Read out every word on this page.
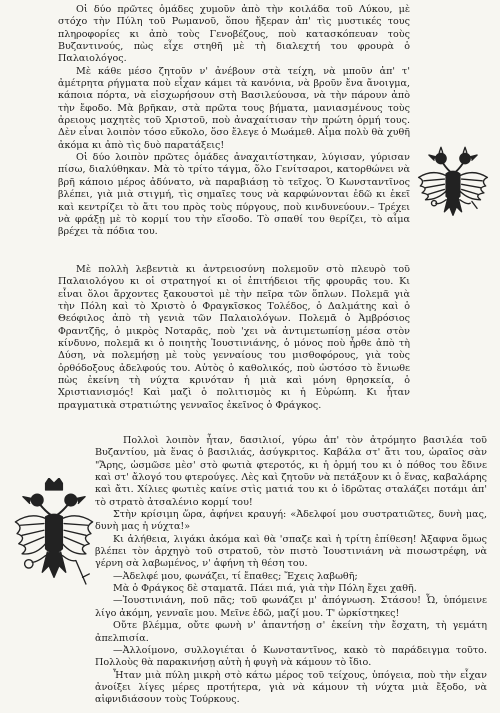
Οἱ δύο πρῶτες ὁμάδες χυμοῦν ἀπὸ τὴν κοιλάδα τοῦ Λύκου, μὲ στόχο τὴν Πύλη τοῦ Ρωμανοῦ, ὅπου ἤξεραν ἀπ' τὶς μυστικές τους πληροφορίες κι ἀπὸ τοὺς Γενοβέζους, ποὺ κατασκόπευαν τοὺς Βυζαντινούς, πὼς εἶχε στηθῆ μὲ τὴ διαλεχτή του φρουρὰ ὁ Παλαιολόγος.

Μὲ κάθε μέσο ζητοῦν ν' ἀνέβουν στὰ τείχη, νὰ μποῦν ἀπ' τ' ἀμέτρητα ρήγματα ποὺ εἶχαν κάμει τὰ κανόνια, νὰ βροῦν ἔνα ἄνοιγμα, κάποια πόρτα, νὰ εἰσχωρήσουν στὴ Βασιλεύουσα, νὰ τὴν πάρουν ἀπὸ τὴν ἔφοδο. Μὰ βρῆκαν, στὰ πρῶτα τους βήματα, μανιασμένους τοὺς ἀρειους μαχητὲς τοῦ Χριστοῦ, ποὺ ἀναχαίτισαν τὴν πρώτη ὁρμή τους. Δὲν εἶναι λοιπὸν τόσο εὔκολο, ὅσο ἔλεγε ὁ Μωάμεθ. Αἷμα πολὺ θὰ χυθῆ ἀκόμα κι ἀπὸ τὶς δυὸ παρατάξεις!

Οἱ δύο λοιπὸν πρῶτες ὁμάδες ἀναχαιτίστηκαν, λύγισαν, γύρισαν πίσω, διαλύθηκαν. Μὰ τὸ τρίτο τάγμα, ὅλο Γενίτσαροι, κατορθώνει νὰ βρῆ κάποιο μέρος ἀδύνατο, νὰ παραβιάσῃ τὸ τεῖχος. Ὁ Κωνσταντῖνος βλέπει, γιὰ μιὰ στιγμή, τὶς σημαῖες τους νὰ καρφώνονται ἐδῶ κι ἐκεῖ καὶ κεντρίζει τὸ ἄτι του πρὸς τοὺς πύργους, ποὺ κινδυνεύουν.– Τρέχει νὰ φράξῃ μὲ τὸ κορμί του τὴν εἴσοδο. Τὸ σπαθί του θερίζει, τὸ αἷμα βρέχει τὰ πόδια του.

Μὲ πολλὴ λεβεντιὰ κι ἀντρειοσύνη πολεμοῦν στὸ πλευρὸ τοῦ Παλαιολόγου κι οἱ στρατηγοί κι οἱ ἐπιτήδειοι τῆς φρουρᾶς του. Κι εἶναι ὅλοι ἄρχοντες ξακουστοὶ μὲ τὴν πεῖρα τῶν ὅπλων. Πολεμᾶ γιὰ τὴν Πόλη καὶ τὸ Χριστὸ ὁ Φραγκῖσκος Τολέδος, ὁ Δαλμάτης καὶ ὁ Θεόφιλος ἀπὸ τὴ γενιὰ τῶν Παλαιολόγων. Πολεμᾶ ὁ Ἀμβρόσιος Φραντζῆς, ὁ μικρὸς Νοταρᾶς, ποὺ 'χει νὰ ἀντιμετωπίσῃ μέσα στὸν κίνδυνο, πολεμᾶ κι ὁ ποιητὴς Ἰουστινιάνης, ὁ μόνος ποὺ ἦρθε ἀπὸ τὴ Δύση, νὰ πολεμήσῃ μὲ τοὺς γενναίους του μισθοφόρους, γιὰ τοὺς ὀρθόδοξους ἀδελφούς του. Αὐτὸς ὁ καθολικός, ποὺ ὡστόσο τὸ ἔνιωθε πὼς ἐκείνη τὴ νύχτα κρινόταν ἡ μιὰ καὶ μόνη θρησκεία, ὁ Χριστιανισμός! Καὶ μαζὶ ὁ πολιτισμὸς κι ἡ Εὐρώπη. Κι ἦταν πραγματικὰ στρατιώτης γενναῖος ἐκεῖνος ὁ Φράγκος.

Πολλοὶ λοιπὸν ἦταν, δασιλιοί, γύρω ἀπ' τὸν ἀτρόμητο βασιλέα τοῦ Βυζαντίου, μὰ ἕνας ὁ βασιλιάς, ἀσύγκριτος. Καβάλα στ' ἄτι του, ὡραῖος σὰν "Ἄρης, ὡσμῶσε μὲσ' στὸ φωτιὰ φτεροτός, κι ἡ ὁρμή του κι ὁ πόθος του ἔδινε καὶ στ' ἄλογό του φτερούγες. Λὲς καὶ ζητοῦν νὰ πετάξουν κι ὁ ἕνας, καβαλάρης καὶ ἄτι. Χίλιες φωτιὲς καίνε στὶς ματιά του κι ὁ ἱδρῶτας σταλάζει ποτάμι ἀπ' τὸ στρατὸ ἀτσαλένιο κορμί του!

Στὴν κρίσιμη ὥρα, ἀφήνει κραυγή: «Ἀδελφοί μου συστρατιῶτες, δυνὴ μας, δυνὴ μας ἡ νύχτα!»

Κι ἀλήθεια, λιγάκι ἀκόμα καὶ θὰ 'σπαζε καὶ ἡ τρίτη ἐπίθεση! Ἀξαφνα ὅμως βλέπει τὸν ἀρχηγὸ τοῦ στρατοῦ, τὸν πιστὸ Ἰουστινιάνη νὰ πισωστρέφη, νὰ γέρνη σὰ λαβωμένος, ν' ἀφήνη τὴ θέση του.

—Ἀδελφέ μου, φωνάζει, τί ἔπαθες; Ἔχεις λαβωθῆ;

Μὰ ὁ Φράγκος δὲ σταματᾶ. Πάει πιά, γιὰ τὴν Πόλη ἔχει χαθῆ.

—Ἰουστινιάνη, ποῦ πᾶς; τοῦ φωνάζει μ' ἀπόγνωση. Στάσου! Ὦ, ὑπόμεινε λίγο ἀκόμη, γενναῖε μου. Μεῖνε ἐδῶ, μαζί μου. Τ' ὡρκίστηκες!

Οὔτε βλέμμα, οὔτε φωνὴ ν' ἀπαντήσῃ σ' ἐκείνη τὴν ἔσχατη, τὴ γεμάτη ἀπελπισία.

—Ἀλλοίμονο, συλλογιέται ὁ Κωνσταντῖνος, κακὸ τὸ παράδειγμα τοῦτο. Πολλοὺς θὰ παρακινήσῃ αὐτὴ ἡ φυγὴ νὰ κάμουν τὸ ἴδιο.

Ἦταν μιὰ πύλη μικρὴ στὸ κάτω μέρος τοῦ τείχους, ὑπόγεια, ποὺ τὴν εἶχαν ἀνοίξει λίγες μέρες προτήτερα, γιὰ νὰ κάμουν τὴ νύχτα μιὰ ἔξοδο, νὰ αἰφνιδιάσουν τοὺς Τούρκους.
